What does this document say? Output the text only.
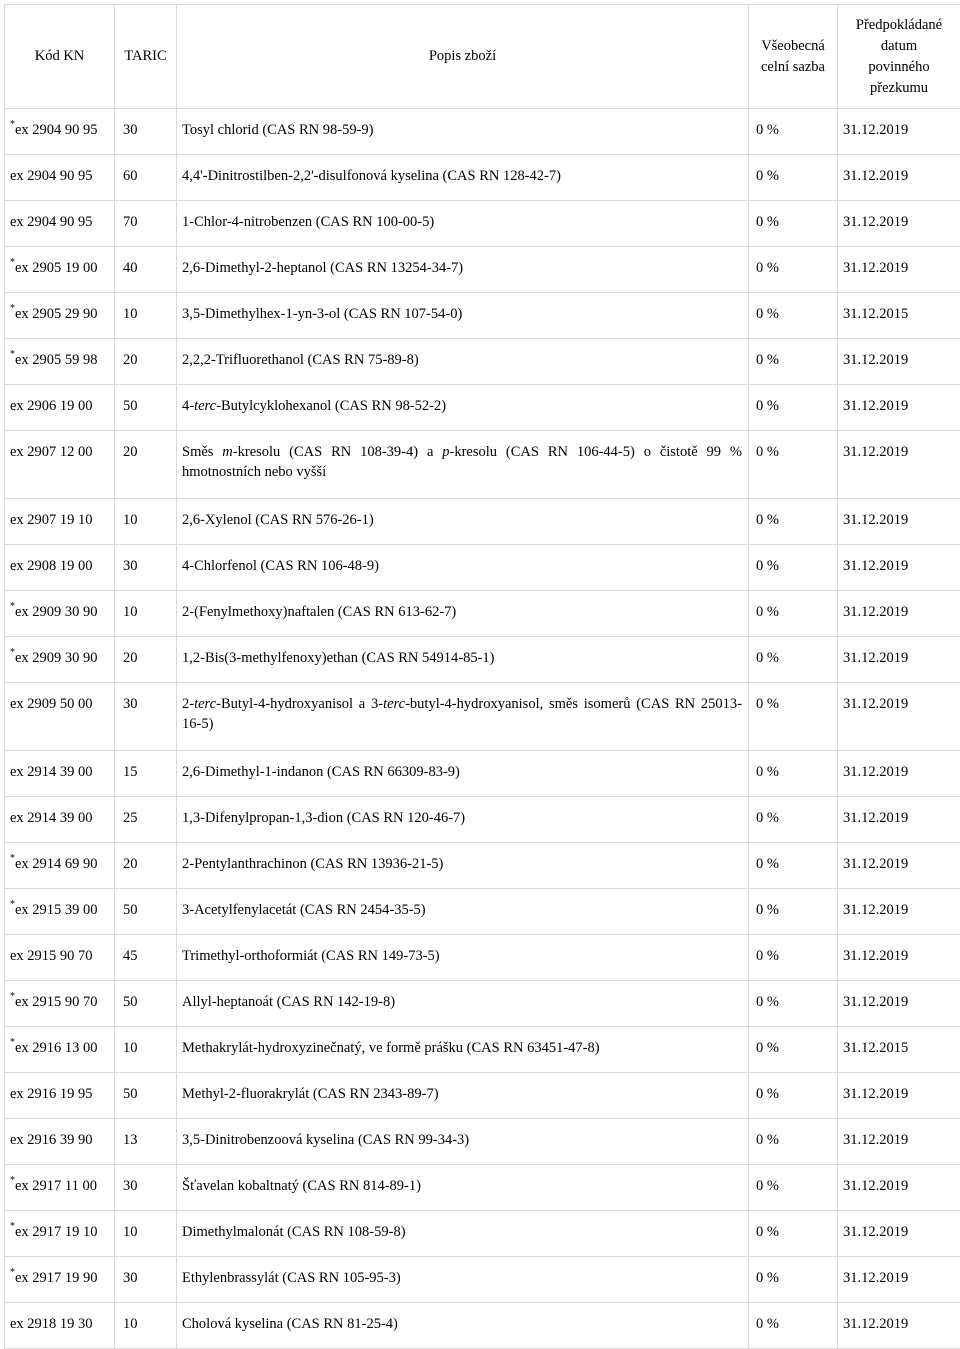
Kód KN	TARIC	Popis zboží	Všeobecná
celní sazba	Předpokládané
datum
povinného
přezkumu
*ex 2904 90 95	30	Tosyl chlorid (CAS RN 98-59-9)	0 %	31.12.2019
ex 2904 90 95	60	4,4'-Dinitrostilben-2,2'-disulfonová kyselina (CAS RN 128-42-7)	0 %	31.12.2019
ex 2904 90 95	70	1-Chlor-4-nitrobenzen (CAS RN 100-00-5)	0 %	31.12.2019
*ex 2905 19 00	40	2,6-Dimethyl-2-heptanol (CAS RN 13254-34-7)	0 %	31.12.2019
*ex 2905 29 90	10	3,5-Dimethylhex-1-yn-3-ol (CAS RN 107-54-0)	0 %	31.12.2015
*ex 2905 59 98	20	2,2,2-Trifluorethanol (CAS RN 75-89-8)	0 %	31.12.2019
ex 2906 19 00	50	4-terc-Butylcyklohexanol (CAS RN 98-52-2)	0 %	31.12.2019
ex 2907 12 00	20	Směs m-kresolu (CAS RN 108-39-4) a p-kresolu (CAS RN 106-44-5) o čistotě 99 % hmotnostních nebo vyšší	0 %	31.12.2019
ex 2907 19 10	10	2,6-Xylenol (CAS RN 576-26-1)	0 %	31.12.2019
ex 2908 19 00	30	4-Chlorfenol (CAS RN 106-48-9)	0 %	31.12.2019
*ex 2909 30 90	10	2-(Fenylmethoxy)naftalen (CAS RN 613-62-7)	0 %	31.12.2019
*ex 2909 30 90	20	1,2-Bis(3-methylfenoxy)ethan (CAS RN 54914-85-1)	0 %	31.12.2019
ex 2909 50 00	30	2-terc-Butyl-4-hydroxyanisol a 3-terc-butyl-4-hydroxyanisol, směs isomerů (CAS RN 25013-16-5)	0 %	31.12.2019
ex 2914 39 00	15	2,6-Dimethyl-1-indanon (CAS RN 66309-83-9)	0 %	31.12.2019
ex 2914 39 00	25	1,3-Difenylpropan-1,3-dion (CAS RN 120-46-7)	0 %	31.12.2019
*ex 2914 69 90	20	2-Pentylanthrachinon (CAS RN 13936-21-5)	0 %	31.12.2019
*ex 2915 39 00	50	3-Acetylfenylacetát (CAS RN 2454-35-5)	0 %	31.12.2019
ex 2915 90 70	45	Trimethyl-orthoformiát (CAS RN 149-73-5)	0 %	31.12.2019
*ex 2915 90 70	50	Allyl-heptanoát (CAS RN 142-19-8)	0 %	31.12.2019
*ex 2916 13 00	10	Methakrylát-hydroxyzinečnatý, ve formě prášku (CAS RN 63451-47-8)	0 %	31.12.2015
ex 2916 19 95	50	Methyl-2-fluorakrylát (CAS RN 2343-89-7)	0 %	31.12.2019
ex 2916 39 90	13	3,5-Dinitrobenzoová kyselina (CAS RN 99-34-3)	0 %	31.12.2019
*ex 2917 11 00	30	Šťavelan kobaltnatý (CAS RN 814-89-1)	0 %	31.12.2019
*ex 2917 19 10	10	Dimethylmalonát (CAS RN 108-59-8)	0 %	31.12.2019
*ex 2917 19 90	30	Ethylenbrassylát (CAS RN 105-95-3)	0 %	31.12.2019
ex 2918 19 30	10	Cholová kyselina (CAS RN 81-25-4)	0 %	31.12.2019
